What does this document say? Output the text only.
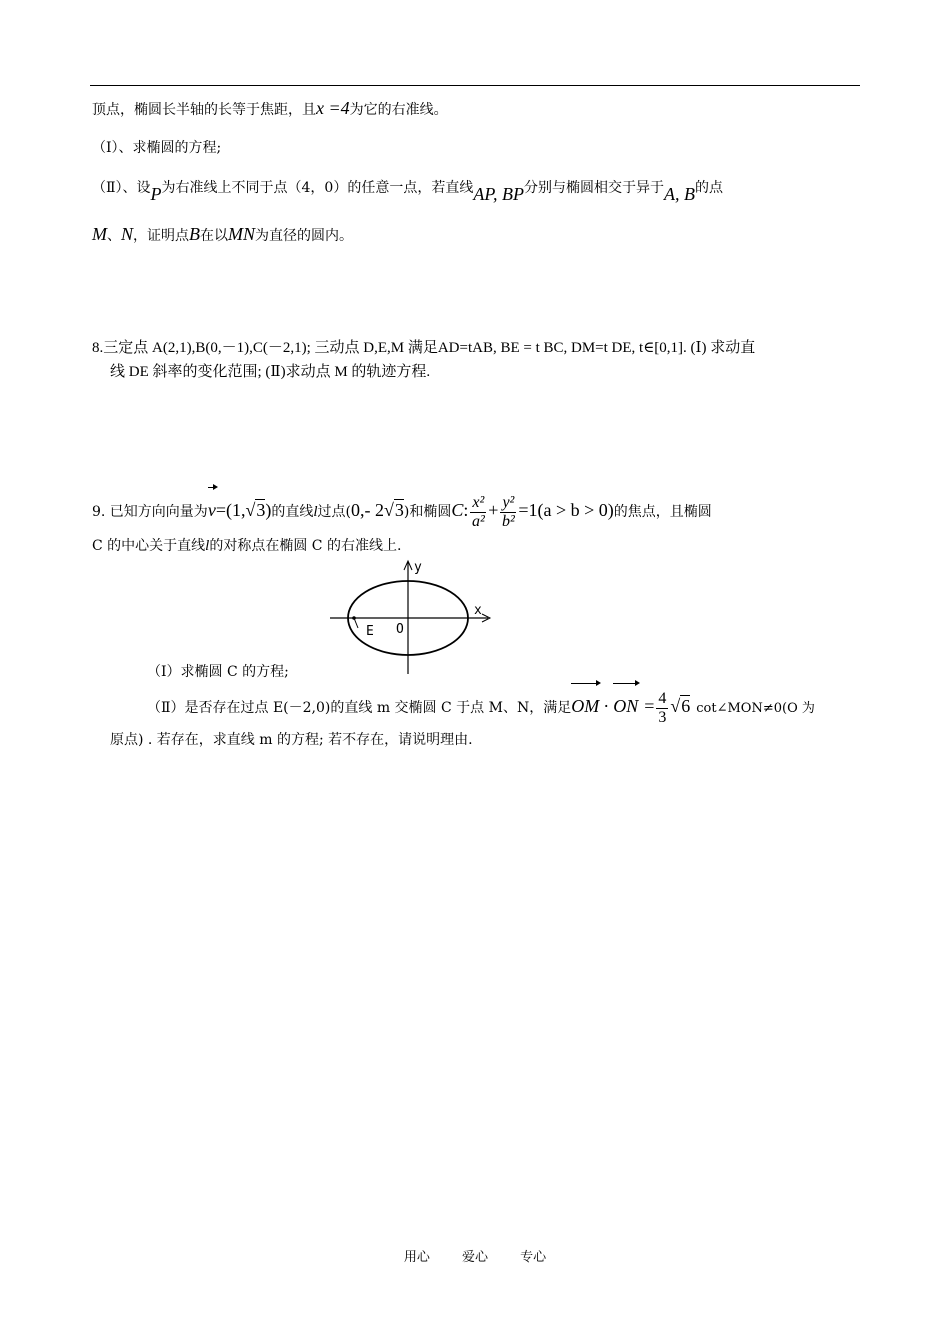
顶点，椭圆长半轴的长等于焦距，且x =4为它的右准线。
（Ⅰ）、求椭圆的方程;
（Ⅱ）、设P为右准线上不同于点（4，0）的任意一点，若直线AP, BP分别与椭圆相交于异于A, B的点
M、N，证明点B在以MN为直径的圆内。
8.三定点 A(2,1),B(0,－1),C(－2,1); 三动点 D,E,M 满足AD=tAB, BE = t BC, DM=t DE, t∈[0,1]. (Ⅰ) 求动直
线 DE 斜率的变化范围; (Ⅱ)求动点 M 的轨迹方程.
9. 已知方向向量为v=(1,√3)的直线l过点(0,- 2√3)和椭圆C: $\frac{\text{x²}}{\text{a²}} + \frac{\text{y²}}{\text{b²}} =1(a > b > 0)$的焦点，且椭圆
C 的中心关于直线l的对称点在椭圆 C 的右准线上.
y
x
E O
（Ⅰ）求椭圆 C 的方程;
（Ⅱ）是否存在过点 E(－2,0)的直线 m 交椭圆 C 于点 M、N，满足OM · ON = $\frac{4}{3} √6$ cot∠MON≠0(O 为
原点) . 若存在，求直线 m 的方程; 若不存在，请说明理由.
用心 爱心 专心
